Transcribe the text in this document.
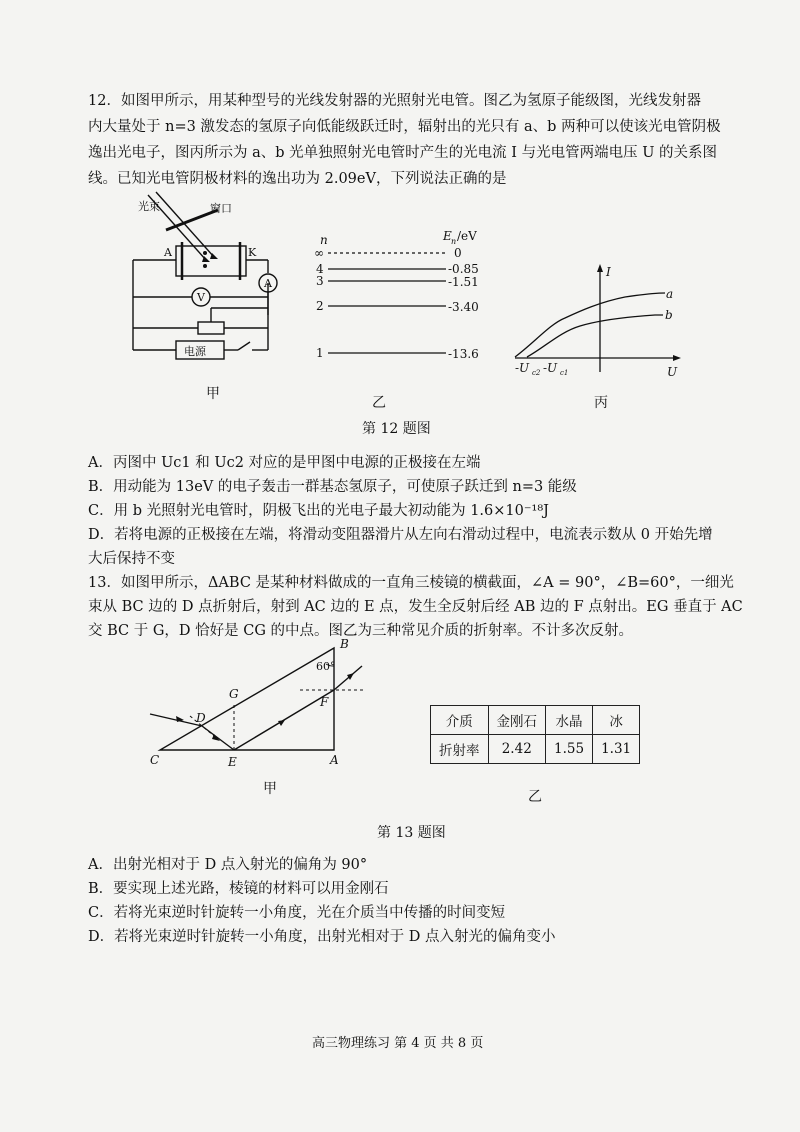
12．如图甲所示，用某种型号的光线发射器的光照射光电管。图乙为氢原子能级图，光线发射器
内大量处于 n=3 激发态的氢原子向低能级跃迁时，辐射出的光只有 a、b 两种可以使该光电管阴极
逸出光电子，图丙所示为 a、b 光单独照射光电管时产生的光电流 I 与光电管两端电压 U 的关系图
线。已知光电管阴极材料的逸出功为 2.09eV，下列说法正确的是
光束	窗口
A	K
V
A
电源
甲
n	E n /eV
∞
4
3
2
1
0
-0.85
-1.51
-3.40
-13.6
乙
I
U
a
b
-U c2 -U c1
丙
第 12 题图
A．丙图中 Uc1 和 Uc2 对应的是甲图中电源的正极接在左端
B．用动能为 13eV 的电子轰击一群基态氢原子，可使原子跃迁到 n=3 能级
C．用 b 光照射光电管时，阴极飞出的光电子最大初动能为 1.6×10⁻¹⁸J
D．若将电源的正极接在左端，将滑动变阻器滑片从左向右滑动过程中，电流表示数从 0 开始先增
大后保持不变
13．如图甲所示，ΔABC 是某种材料做成的一直角三棱镜的横截面，∠A = 90°，∠B=60°，一细光
束从 BC 边的 D 点折射后，射到 AC 边的 E 点，发生全反射后经 AB 边的 F 点射出。EG 垂直于 AC
交 BC 于 G，D 恰好是 CG 的中点。图乙为三种常见介质的折射率。不计多次反射。
B
60°
G
D
F
C	E	A
甲
介质	金刚石	水晶	冰
折射率	2.42	1.55	1.31
乙
第 13 题图
A．出射光相对于 D 点入射光的偏角为 90°
B．要实现上述光路，棱镜的材料可以用金刚石
C．若将光束逆时针旋转一小角度，光在介质当中传播的时间变短
D．若将光束逆时针旋转一小角度，出射光相对于 D 点入射光的偏角变小
高三物理练习 第 4 页 共 8 页
